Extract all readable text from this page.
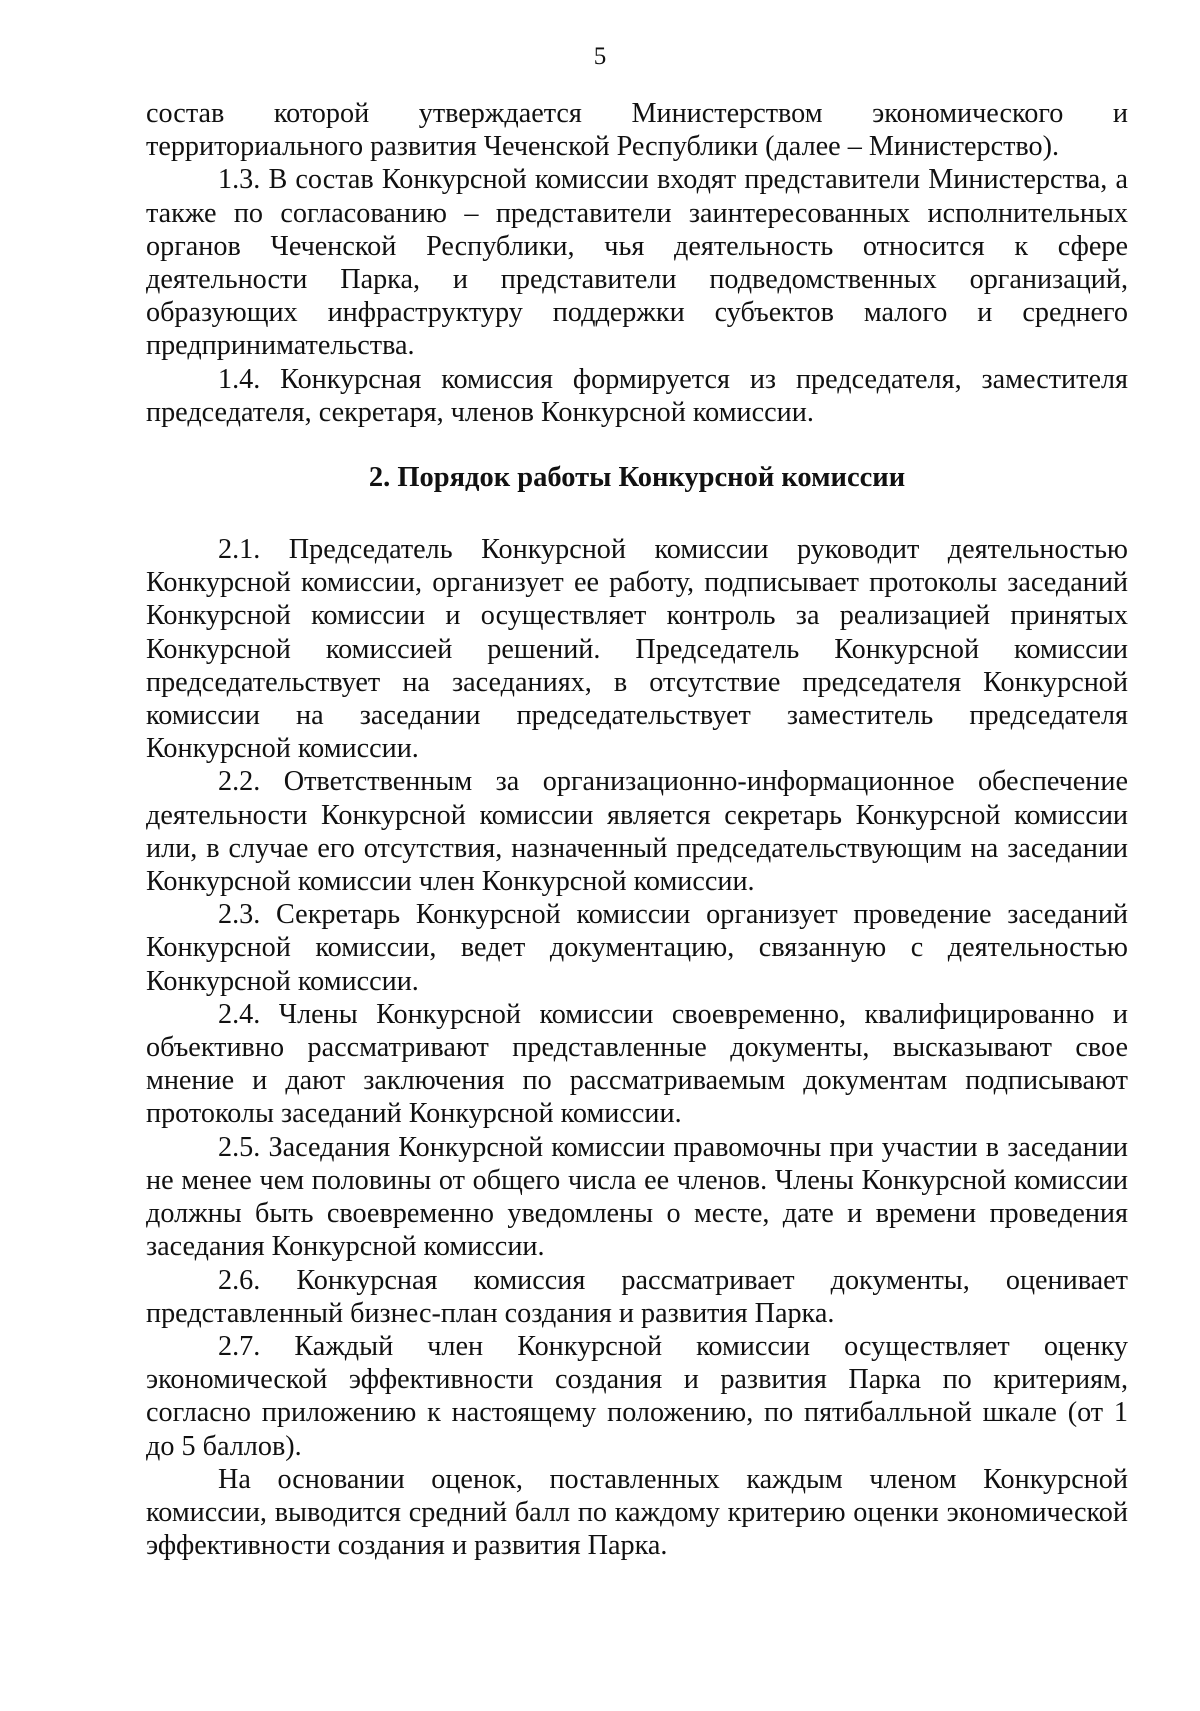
5

состав которой утверждается Министерством экономического и территориального развития Чеченской Республики (далее – Министерство).

1.3. В состав Конкурсной комиссии входят представители Министерства, а также по согласованию – представители заинтересованных исполнительных органов Чеченской Республики, чья деятельность относится к сфере деятельности Парка, и представители подведомственных организаций, образующих инфраструктуру поддержки субъектов малого и среднего предпринимательства.

1.4. Конкурсная комиссия формируется из председателя, заместителя председателя, секретаря, членов Конкурсной комиссии.

2. Порядок работы Конкурсной комиссии

2.1. Председатель Конкурсной комиссии руководит деятельностью Конкурсной комиссии, организует ее работу, подписывает протоколы заседаний Конкурсной комиссии и осуществляет контроль за реализацией принятых Конкурсной комиссией решений. Председатель Конкурсной комиссии председательствует на заседаниях, в отсутствие председателя Конкурсной комиссии на заседании председательствует заместитель председателя Конкурсной комиссии.

2.2. Ответственным за организационно-информационное обеспечение деятельности Конкурсной комиссии является секретарь Конкурсной комиссии или, в случае его отсутствия, назначенный председательствующим на заседании Конкурсной комиссии член Конкурсной комиссии.

2.3. Секретарь Конкурсной комиссии организует проведение заседаний Конкурсной комиссии, ведет документацию, связанную с деятельностью Конкурсной комиссии.

2.4. Члены Конкурсной комиссии своевременно, квалифицированно и объективно рассматривают представленные документы, высказывают свое мнение и дают заключения по рассматриваемым документам подписывают протоколы заседаний Конкурсной комиссии.

2.5. Заседания Конкурсной комиссии правомочны при участии в заседании не менее чем половины от общего числа ее членов. Члены Конкурсной комиссии должны быть своевременно уведомлены о месте, дате и времени проведения заседания Конкурсной комиссии.

2.6. Конкурсная комиссия рассматривает документы, оценивает представленный бизнес-план создания и развития Парка.

2.7. Каждый член Конкурсной комиссии осуществляет оценку экономической эффективности создания и развития Парка по критериям, согласно приложению к настоящему положению, по пятибалльной шкале (от 1 до 5 баллов).

На основании оценок, поставленных каждым членом Конкурсной комиссии, выводится средний балл по каждому критерию оценки экономической эффективности создания и развития Парка.
